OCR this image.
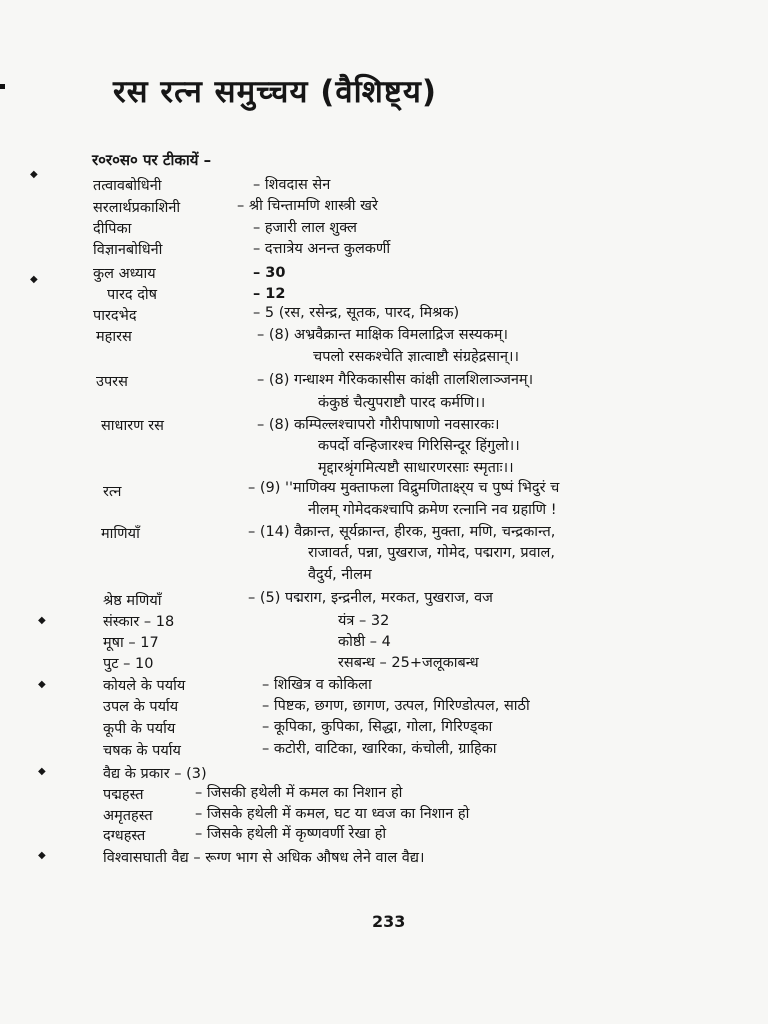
रस रत्न समुच्चय (वैशिष्ट्य)
र०र०स० पर टीकायें –
◆
◆
◆
◆
◆
◆
तत्वावबोधिनी	– शिवदास सेन
सरलार्थप्रकाशिनी	– श्री चिन्तामणि शास्त्री खरे
दीपिका	– हजारी लाल शुक्ल
विज्ञानबोधिनी	– दत्तात्रेय अनन्त कुलकर्णी
कुल अध्याय	– 30
पारद दोष	– 12
पारदभेद	– 5 (रस, रसेन्द्र, सूतक, पारद, मिश्रक)
महारस	– (8) अभ्रवैक्रान्त माक्षिक विमलाद्रिज सस्यकम्।
चपलो रसकश्चेति ज्ञात्वाष्टौ संग्रहेद्रसान्।।
उपरस	– (8) गन्धाश्म गैरिककासीस कांक्षी तालशिलाञ्जनम्।
कंकुष्ठं चैत्युपराष्टौ पारद कर्मणि।।
साधारण रस	– (8) कम्पिल्लश्चापरो गौरीपाषाणो नवसारकः।
कपर्दो वन्हिजारश्च गिरिसिन्दूर हिंगुलो।।
मृद्दारश्रृंगमित्यष्टौ साधारणरसाः स्मृताः।।
रत्न	– (9) ''माणिक्य मुक्ताफला विद्रुमणिताक्ष्‍र्य च पुष्पं भिदुरं च
नीलम् गोमेदकश्चापि क्रमेण रत्नानि नव ग्रहाणि !
माणियाँ	– (14) वैक्रान्त, सूर्यक्रान्त, हीरक, मुक्ता, मणि, चन्द्रकान्त,
राजावर्त, पन्ना, पुखराज, गोमेद, पद्मराग, प्रवाल,
वैदुर्य, नीलम
श्रेष्ठ मणियाँ	– (5) पद्मराग, इन्द्रनील, मरकत, पुखराज, वज
संस्कार – 18	यंत्र – 32
मूषा – 17	कोष्ठी – 4
पुट – 10	रसबन्ध – 25+जलूकाबन्ध
कोयले के पर्याय	– शिखित्र व कोकिला
उपल के पर्याय	– पिष्टक, छगण, छागण, उत्पल, गिरिण्डोत्पल, साठी
कूपी के पर्याय	– कूपिका, कुपिका, सिद्धा, गोला, गिरिण्ड्का
चषक के पर्याय	– कटोरी, वाटिका, खारिका, कंचोली, ग्राहिका
वैद्य के प्रकार – (3)
पद्महस्त	– जिसकी हथेली में कमल का निशान हो
अमृतहस्त	– जिसके हथेली में कमल, घट या ध्वज का निशान हो
दग्धहस्त	– जिसके हथेली में कृष्णवर्णी रेखा हो
विश्वासघाती वैद्य – रूग्ण भाग से अधिक औषध लेने वाल वैद्य।
233
